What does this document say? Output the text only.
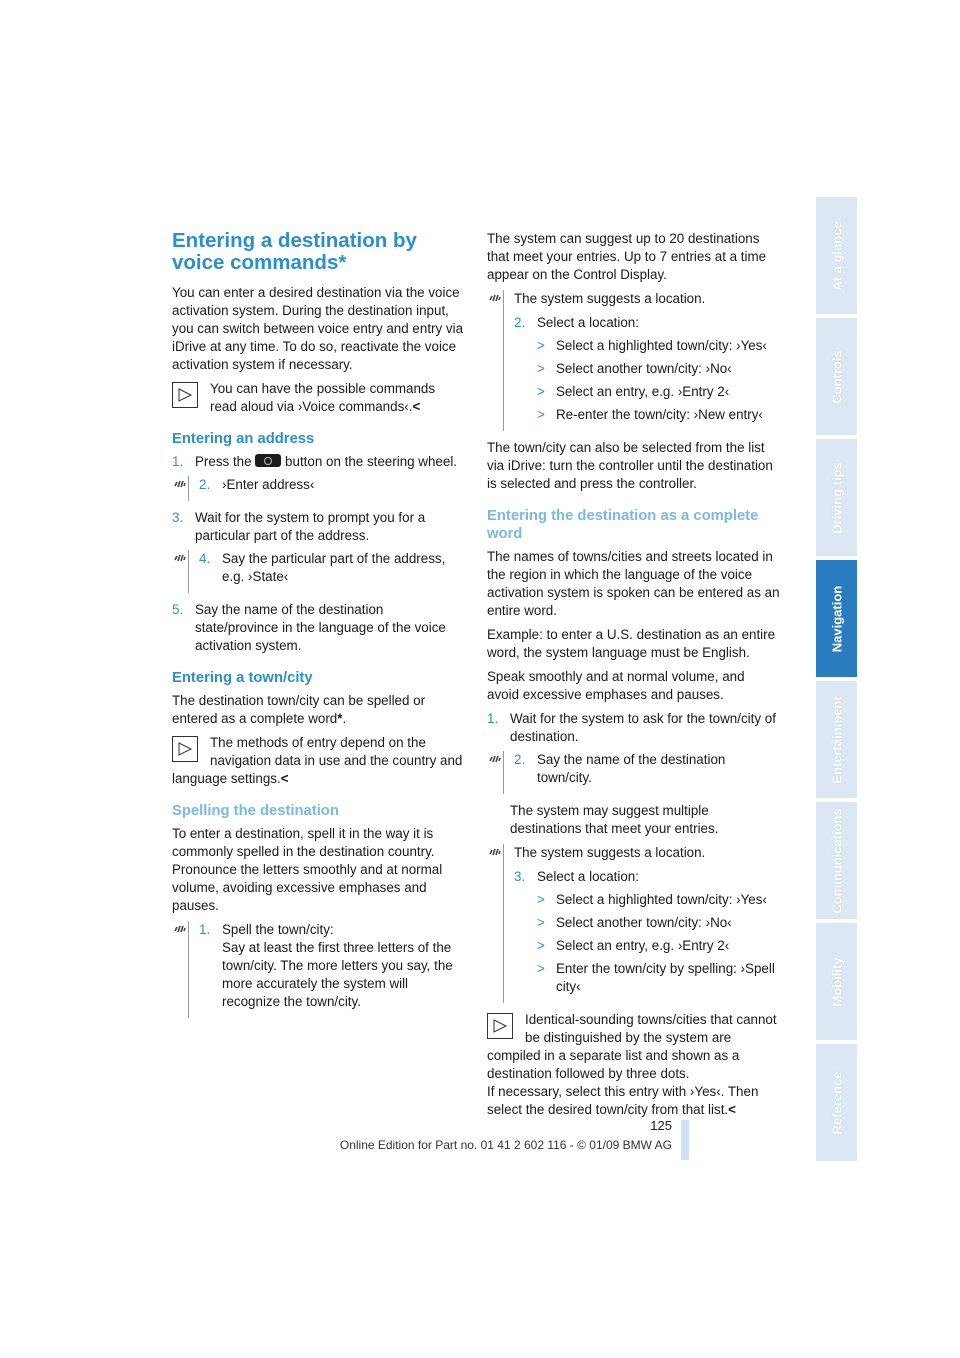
Entering a destination by voice commands*

You can enter a desired destination via the voice activation system. During the destination input, you can switch between voice entry and entry via iDrive at any time. To do so, reactivate the voice activation system if necessary.

You can have the possible commands read aloud via ›Voice commands‹.<
Entering an address
1. Press the button on the steering wheel.
2. ›Enter address‹
3. Wait for the system to prompt you for a particular part of the address.
4. Say the particular part of the address, e.g. ›State‹
5. Say the name of the destination state/province in the language of the voice activation system.
Entering a town/city

The destination town/city can be spelled or entered as a complete word*.

The methods of entry depend on the navigation data in use and the country and language settings.<
Spelling the destination

To enter a destination, spell it in the way it is commonly spelled in the destination country. Pronounce the letters smoothly and at normal volume, avoiding excessive emphases and pauses.

1. Spell the town/city:
Say at least the first three letters of the town/city. The more letters you say, the more accurately the system will recognize the town/city.

The system can suggest up to 20 destinations that meet your entries. Up to 7 entries at a time appear on the Control Display.

The system suggests a location.

2. Select a location:
> Select a highlighted town/city: ›Yes‹
> Select another town/city: ›No‹
> Select an entry, e.g. ›Entry 2‹
> Re-enter the town/city: ›New entry‹

The town/city can also be selected from the list via iDrive: turn the controller until the destination is selected and press the controller.

Entering the destination as a complete word

The names of towns/cities and streets located in the region in which the language of the voice activation system is spoken can be entered as an entire word.

Example: to enter a U.S. destination as an entire word, the system language must be English.

Speak smoothly and at normal volume, and avoid excessive emphases and pauses.

1. Wait for the system to ask for the town/city of destination.
2. Say the name of the destination town/city.

The system may suggest multiple destinations that meet your entries.

The system suggests a location.

3. Select a location:
> Select a highlighted town/city: ›Yes‹
> Select another town/city: ›No‹
> Select an entry, e.g. ›Entry 2‹
> Enter the town/city by spelling: ›Spell city‹
Identical-sounding towns/cities that cannot be distinguished by the system are compiled in a separate list and shown as a destination followed by three dots.
If necessary, select this entry with ›Yes‹. Then select the desired town/city from that list.<
At a glance
Controls
Driving tips
Navigation
Entertainment
Communications
Mobility
Reference
125
Online Edition for Part no. 01 41 2 602 116 - © 01/09 BMW AG
